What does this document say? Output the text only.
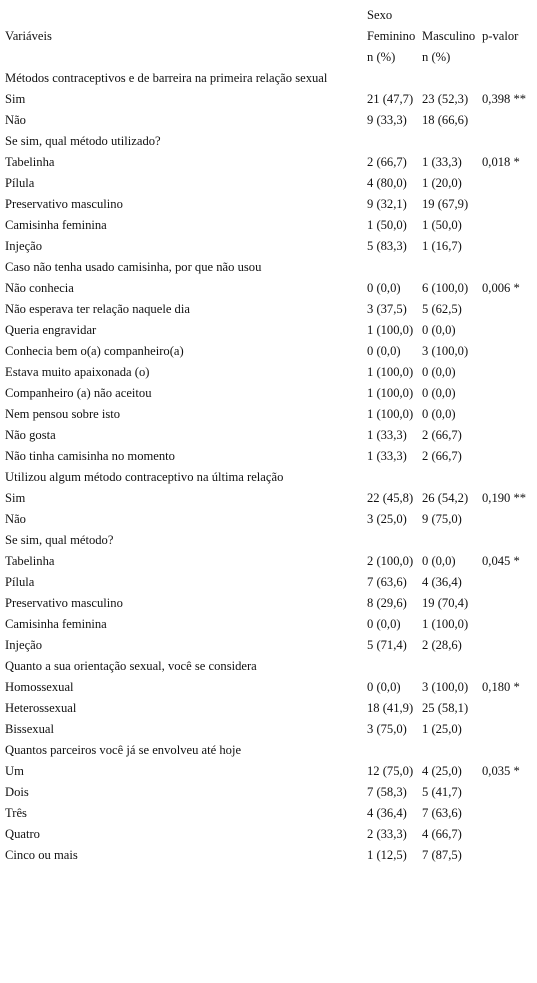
Sexo
Variáveis	Feminino Masculino p-valor
n (%)	n (%)
Métodos contraceptivos e de barreira na primeira relação sexual
Sim	21 (47,7) 23 (52,3)	0,398 **
Não	9 (33,3)	18 (66,6)
Se sim, qual método utilizado?
Tabelinha	2 (66,7)	1 (33,3)	0,018 *
Pílula	4 (80,0)	1 (20,0)
Preservativo masculino	9 (32,1)	19 (67,9)
Camisinha feminina	1 (50,0)	1 (50,0)
Injeção	5 (83,3)	1 (16,7)
Caso não tenha usado camisinha, por que não usou
Não conhecia	0 (0,0)	6 (100,0)	0,006 *
Não esperava ter relação naquele dia	3 (37,5)	5 (62,5)
Queria engravidar	1 (100,0) 0 (0,0)
Conhecia bem o(a) companheiro(a)	0 (0,0)	3 (100,0)
Estava muito apaixonada (o)	1 (100,0) 0 (0,0)
Companheiro (a) não aceitou	1 (100,0) 0 (0,0)
Nem pensou sobre isto	1 (100,0) 0 (0,0)
Não gosta	1 (33,3)	2 (66,7)
Não tinha camisinha no momento	1 (33,3)	2 (66,7)
Utilizou algum método contraceptivo na última relação
Sim	22 (45,8) 26 (54,2)	0,190 **
Não	3 (25,0)	9 (75,0)
Se sim, qual método?
Tabelinha	2 (100,0) 0 (0,0)	0,045 *
Pílula	7 (63,6)	4 (36,4)
Preservativo masculino	8 (29,6)	19 (70,4)
Camisinha feminina	0 (0,0)	1 (100,0)
Injeção	5 (71,4)	2 (28,6)
Quanto a sua orientação sexual, você se considera
Homossexual	0 (0,0)	3 (100,0)	0,180 *
Heterossexual	18 (41,9) 25 (58,1)
Bissexual	3 (75,0)	1 (25,0)
Quantos parceiros você já se envolveu até hoje
Um	12 (75,0) 4 (25,0)	0,035 *
Dois	7 (58,3)	5 (41,7)
Três	4 (36,4)	7 (63,6)
Quatro	2 (33,3)	4 (66,7)
Cinco ou mais	1 (12,5)	7 (87,5)
